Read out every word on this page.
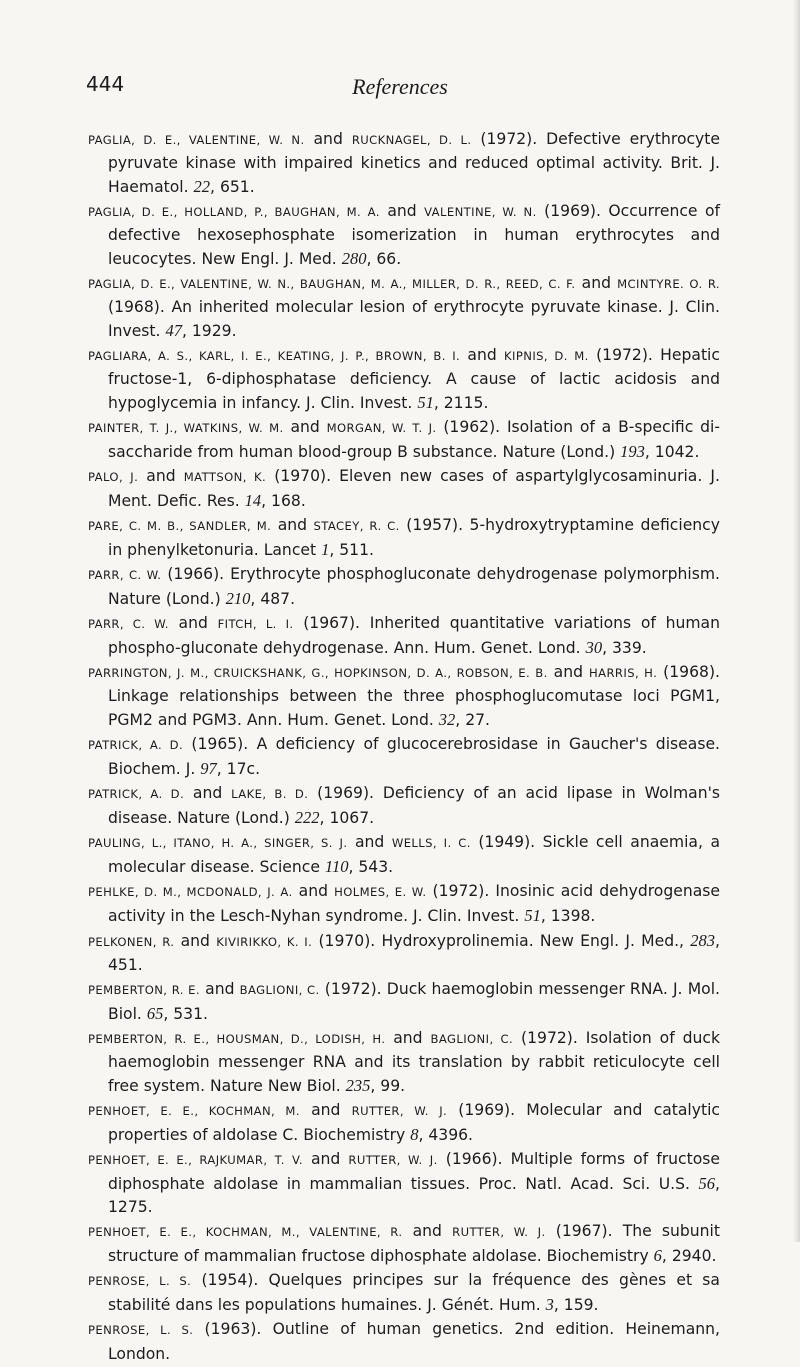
444	References

PAGLIA, D. E., VALENTINE, W. N. and RUCKNAGEL, D. L. (1972). Defective erythrocyte pyruvate kinase with impaired kinetics and reduced optimal activity. Brit. J. Haematol. 22, 651.

PAGLIA, D. E., HOLLAND, P., BAUGHAN, M. A. and VALENTINE, W. N. (1969). Occurrence of defective hexosephosphate isomerization in human erythrocytes and leucocytes. New Engl. J. Med. 280, 66.

PAGLIA, D. E., VALENTINE, W. N., BAUGHAN, M. A., MILLER, D. R., REED, C. F. and MCINTYRE. O. R. (1968). An inherited molecular lesion of erythrocyte pyruvate kinase. J. Clin. Invest. 47, 1929.

PAGLIARA, A. S., KARL, I. E., KEATING, J. P., BROWN, B. I. and KIPNIS, D. M. (1972). Hepatic fructose-1, 6-diphosphatase deficiency. A cause of lactic acidosis and hypoglycemia in infancy. J. Clin. Invest. 51, 2115.

PAINTER, T. J., WATKINS, W. M. and MORGAN, W. T. J. (1962). Isolation of a B-specific di-saccharide from human blood-group B substance. Nature (Lond.) 193, 1042.

PALO, J. and MATTSON, K. (1970). Eleven new cases of aspartylglycosaminuria. J. Ment. Defic. Res. 14, 168.

PARE, C. M. B., SANDLER, M. and STACEY, R. C. (1957). 5-hydroxytryptamine deficiency in phenylketonuria. Lancet 1, 511.

PARR, C. W. (1966). Erythrocyte phosphogluconate dehydrogenase polymorphism. Nature (Lond.) 210, 487.

PARR, C. W. and FITCH, L. I. (1967). Inherited quantitative variations of human phospho-gluconate dehydrogenase. Ann. Hum. Genet. Lond. 30, 339.

PARRINGTON, J. M., CRUICKSHANK, G., HOPKINSON, D. A., ROBSON, E. B. and HARRIS, H. (1968). Linkage relationships between the three phosphoglucomutase loci PGM1, PGM2 and PGM3. Ann. Hum. Genet. Lond. 32, 27.

PATRICK, A. D. (1965). A deficiency of glucocerebrosidase in Gaucher's disease. Biochem. J. 97, 17c.

PATRICK, A. D. and LAKE, B. D. (1969). Deficiency of an acid lipase in Wolman's disease. Nature (Lond.) 222, 1067.

PAULING, L., ITANO, H. A., SINGER, S. J. and WELLS, I. C. (1949). Sickle cell anaemia, a molecular disease. Science 110, 543.

PEHLKE, D. M., MCDONALD, J. A. and HOLMES, E. W. (1972). Inosinic acid dehydrogenase activity in the Lesch-Nyhan syndrome. J. Clin. Invest. 51, 1398.

PELKONEN, R. and KIVIRIKKO, K. I. (1970). Hydroxyprolinemia. New Engl. J. Med., 283, 451.

PEMBERTON, R. E. and BAGLIONI, C. (1972). Duck haemoglobin messenger RNA. J. Mol. Biol. 65, 531.

PEMBERTON, R. E., HOUSMAN, D., LODISH, H. and BAGLIONI, C. (1972). Isolation of duck haemoglobin messenger RNA and its translation by rabbit reticulocyte cell free system. Nature New Biol. 235, 99.

PENHOET, E. E., KOCHMAN, M. and RUTTER, W. J. (1969). Molecular and catalytic properties of aldolase C. Biochemistry 8, 4396.

PENHOET, E. E., RAJKUMAR, T. V. and RUTTER, W. J. (1966). Multiple forms of fructose diphosphate aldolase in mammalian tissues. Proc. Natl. Acad. Sci. U.S. 56, 1275.

PENHOET, E. E., KOCHMAN, M., VALENTINE, R. and RUTTER, W. J. (1967). The subunit structure of mammalian fructose diphosphate aldolase. Biochemistry 6, 2940.

PENROSE, L. S. (1954). Quelques principes sur la fréquence des gènes et sa stabilité dans les populations humaines. J. Génét. Hum. 3, 159.

PENROSE, L. S. (1963). Outline of human genetics. 2nd edition. Heinemann, London.
